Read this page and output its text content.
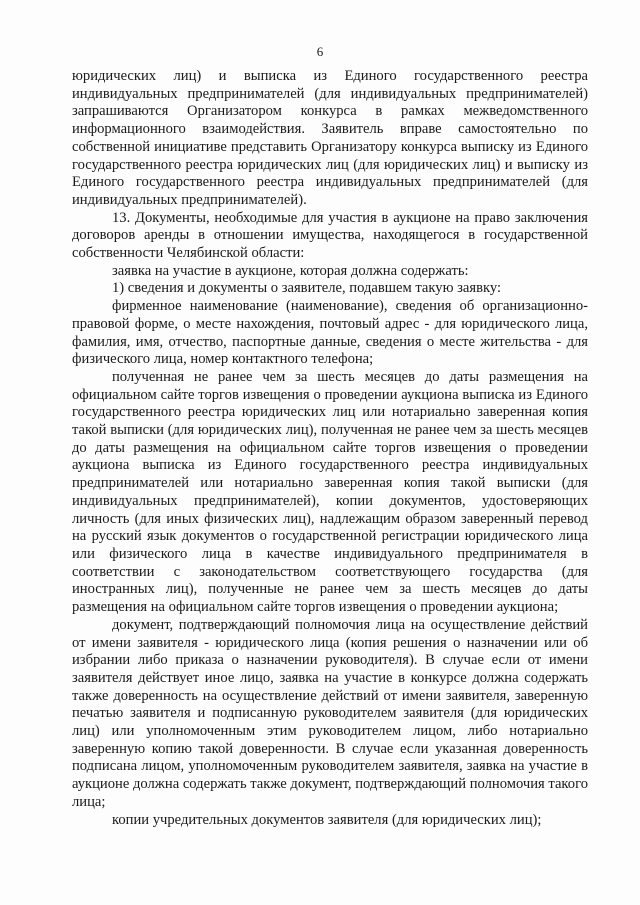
6

юридических лиц) и выписка из Единого государственного реестра индивидуальных предпринимателей (для индивидуальных предпринимателей) запрашиваются Организатором конкурса в рамках межведомственного информационного взаимодействия. Заявитель вправе самостоятельно по собственной инициативе представить Организатору конкурса выписку из Единого государственного реестра юридических лиц (для юридических лиц) и выписку из Единого государственного реестра индивидуальных предпринимателей (для индивидуальных предпринимателей).

13. Документы, необходимые для участия в аукционе на право заключения договоров аренды в отношении имущества, находящегося в государственной собственности Челябинской области:

заявка на участие в аукционе, которая должна содержать:

1) сведения и документы о заявителе, подавшем такую заявку:

фирменное наименование (наименование), сведения об организационно-правовой форме, о месте нахождения, почтовый адрес - для юридического лица, фамилия, имя, отчество, паспортные данные, сведения о месте жительства - для физического лица, номер контактного телефона;

полученная не ранее чем за шесть месяцев до даты размещения на официальном сайте торгов извещения о проведении аукциона выписка из Единого государственного реестра юридических лиц или нотариально заверенная копия такой выписки (для юридических лиц), полученная не ранее чем за шесть месяцев до даты размещения на официальном сайте торгов извещения о проведении аукциона выписка из Единого государственного реестра индивидуальных предпринимателей или нотариально заверенная копия такой выписки (для индивидуальных предпринимателей), копии документов, удостоверяющих личность (для иных физических лиц), надлежащим образом заверенный перевод на русский язык документов о государственной регистрации юридического лица или физического лица в качестве индивидуального предпринимателя в соответствии с законодательством соответствующего государства (для иностранных лиц), полученные не ранее чем за шесть месяцев до даты размещения на официальном сайте торгов извещения о проведении аукциона;

документ, подтверждающий полномочия лица на осуществление действий от имени заявителя - юридического лица (копия решения о назначении или об избрании либо приказа о назначении руководителя). В случае если от имени заявителя действует иное лицо, заявка на участие в конкурсе должна содержать также доверенность на осуществление действий от имени заявителя, заверенную печатью заявителя и подписанную руководителем заявителя (для юридических лиц) или уполномоченным этим руководителем лицом, либо нотариально заверенную копию такой доверенности. В случае если указанная доверенность подписана лицом, уполномоченным руководителем заявителя, заявка на участие в аукционе должна содержать также документ, подтверждающий полномочия такого лица;

копии учредительных документов заявителя (для юридических лиц);
